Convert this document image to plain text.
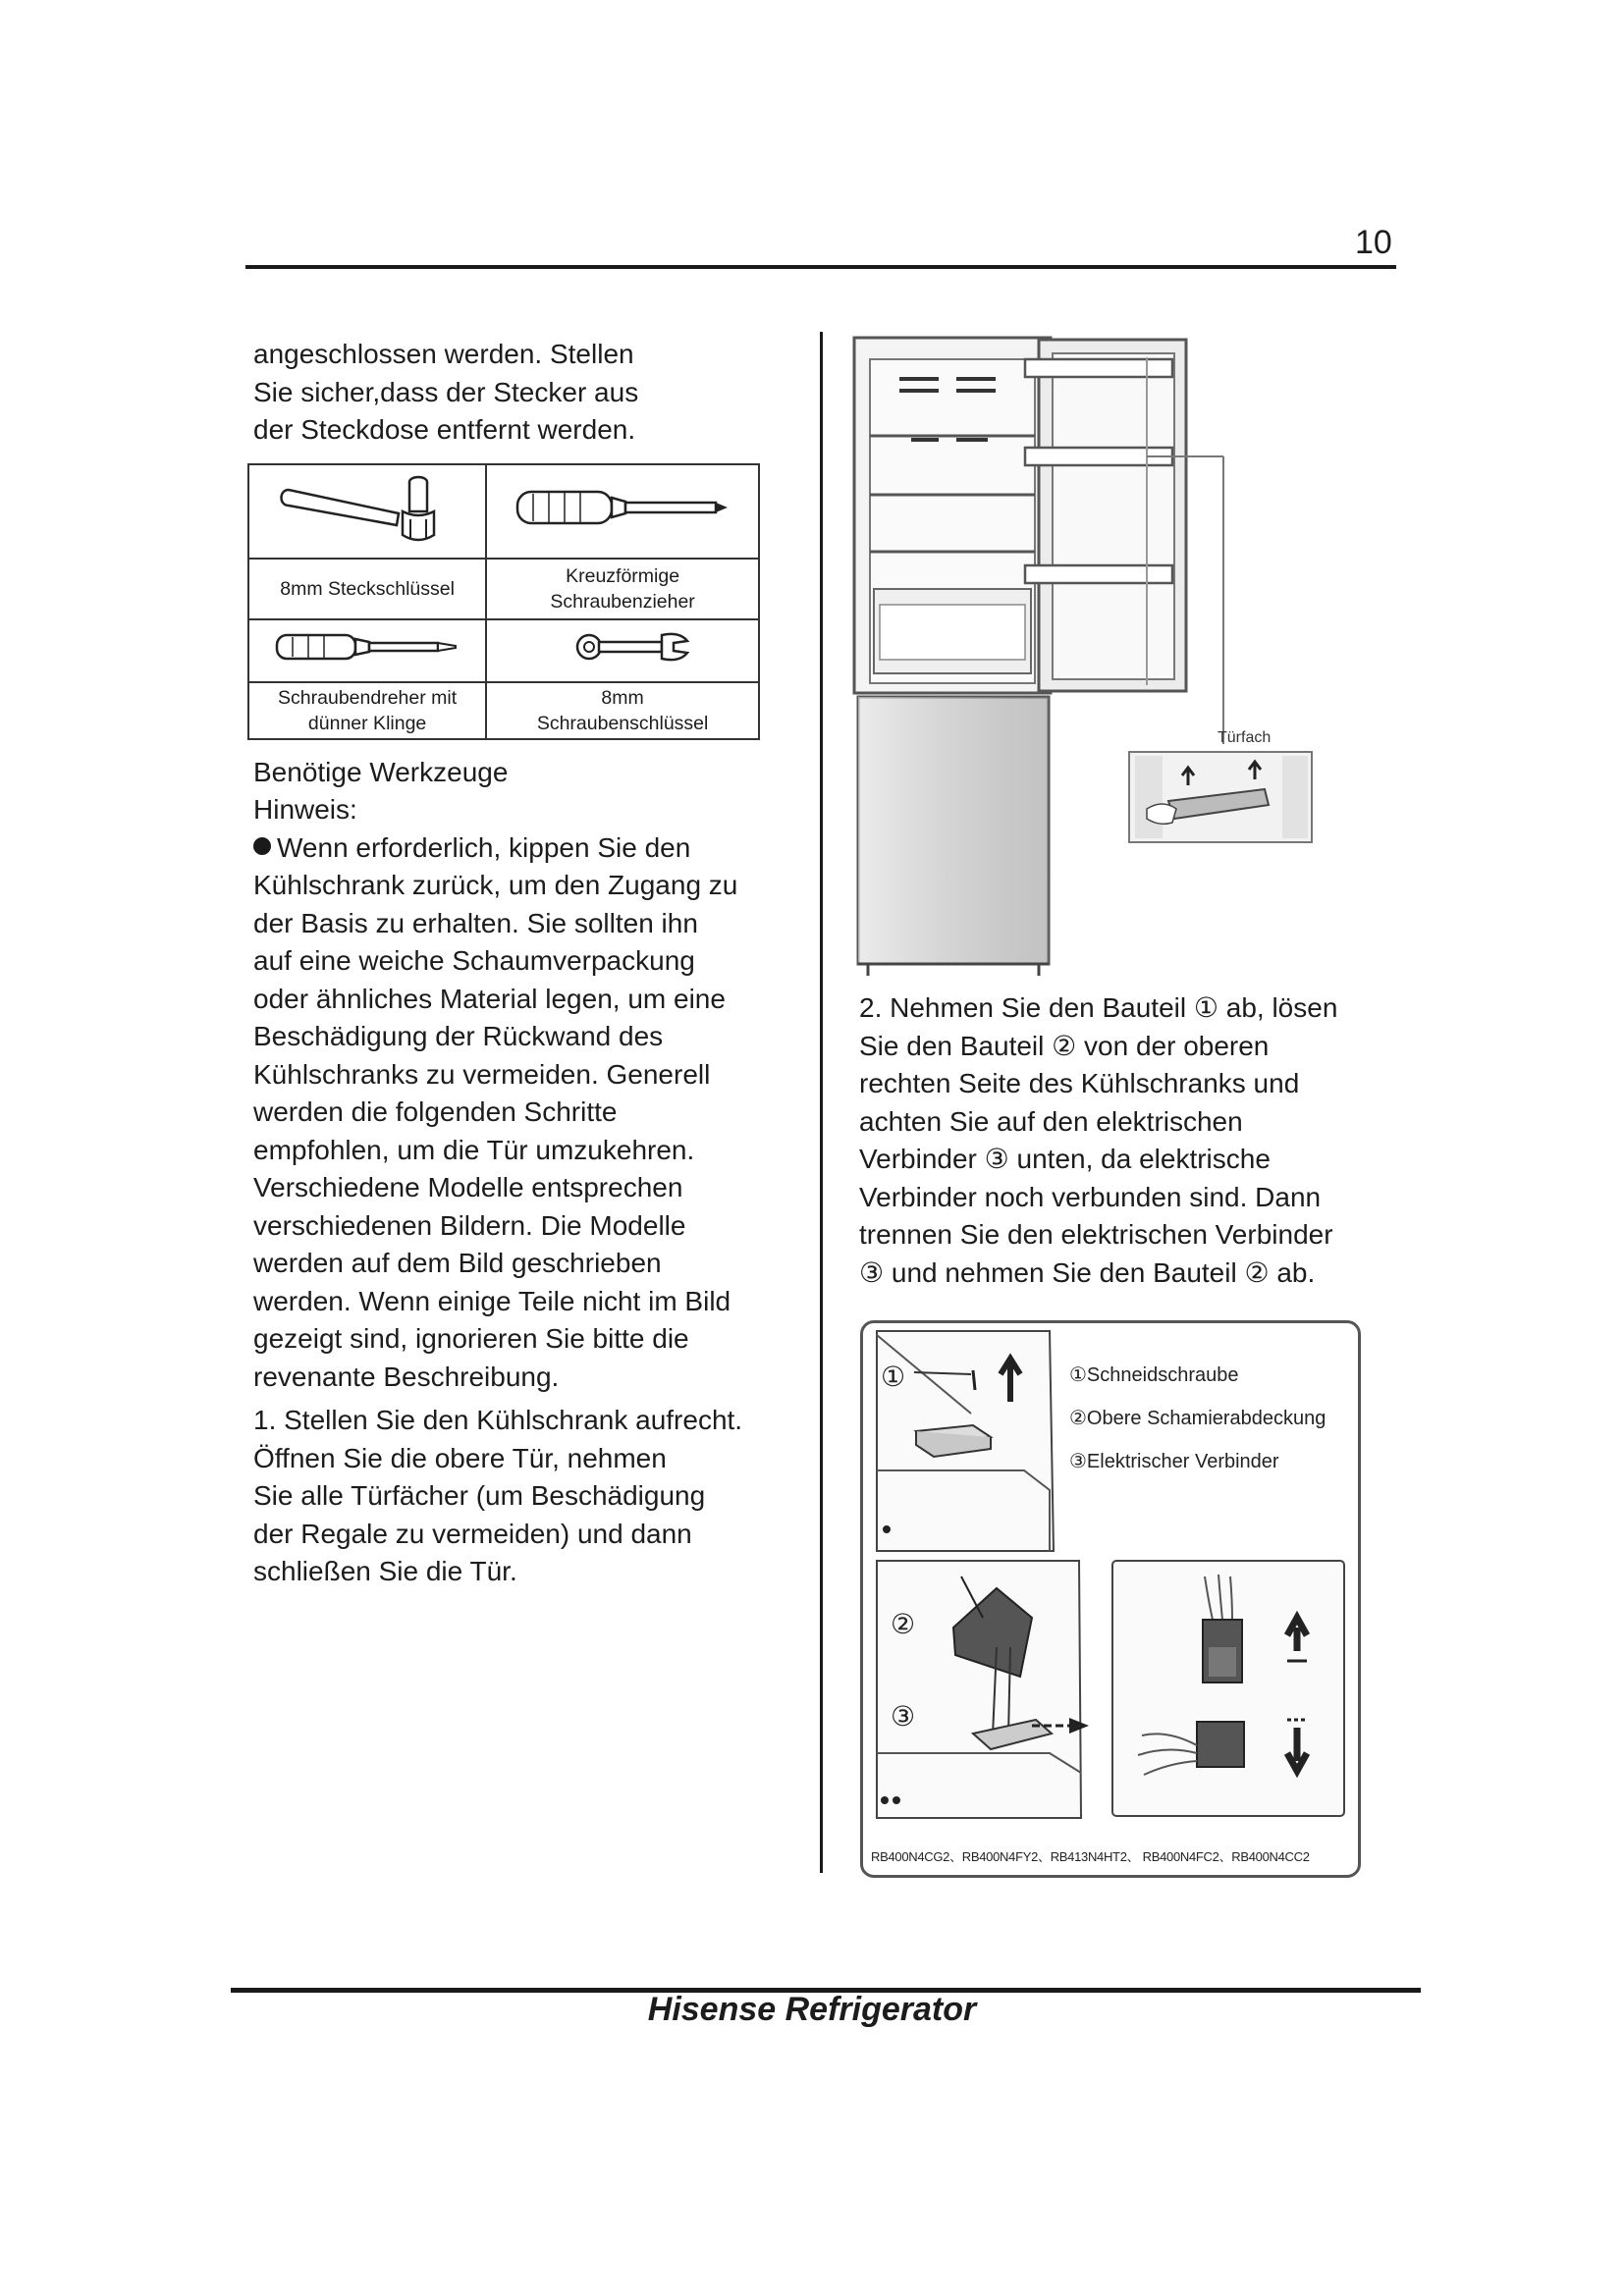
10

angeschlossen werden. Stellen

Sie sicher,dass der Stecker aus

der Steckdose entfernt werden.

8mm Steckschlüssel	Kreuzförmige
Schraubenzieher

Schraubendreher mit
dünner Klinge	8mm
Schraubenschlüssel

Benötige Werkzeuge

Hinweis:

Wenn erforderlich, kippen Sie den

Kühlschrank zurück, um den Zugang zu

der Basis zu erhalten. Sie sollten ihn

auf eine weiche Schaumverpackung

oder ähnliches Material legen, um eine

Beschädigung der Rückwand des

Kühlschranks zu vermeiden. Generell

werden die folgenden Schritte

empfohlen, um die Tür umzukehren.

Verschiedene Modelle entsprechen

verschiedenen Bildern. Die Modelle

werden auf dem Bild geschrieben

werden. Wenn einige Teile nicht im Bild

gezeigt sind, ignorieren Sie bitte die

revenante Beschreibung.

1. Stellen Sie den Kühlschrank aufrecht.

Öffnen Sie die obere Tür, nehmen

Sie alle Türfächer (um Beschädigung

der Regale zu vermeiden) und dann

schließen Sie die Tür.

Türfach

2. Nehmen Sie den Bauteil ① ab, lösen

Sie den Bauteil ② von der oberen

rechten Seite des Kühlschranks und

achten Sie auf den elektrischen

Verbinder ③ unten, da elektrische

Verbinder noch verbunden sind. Dann

trennen Sie den elektrischen Verbinder

③ und nehmen Sie den Bauteil ② ab.

①
②
③
①Schneidschraube
②Obere Schamierabdeckung
③Elektrischer Verbinder
RB400N4CG2、RB400N4FY2、RB413N4HT2、 RB400N4FC2、RB400N4CC2
Hisense Refrigerator
